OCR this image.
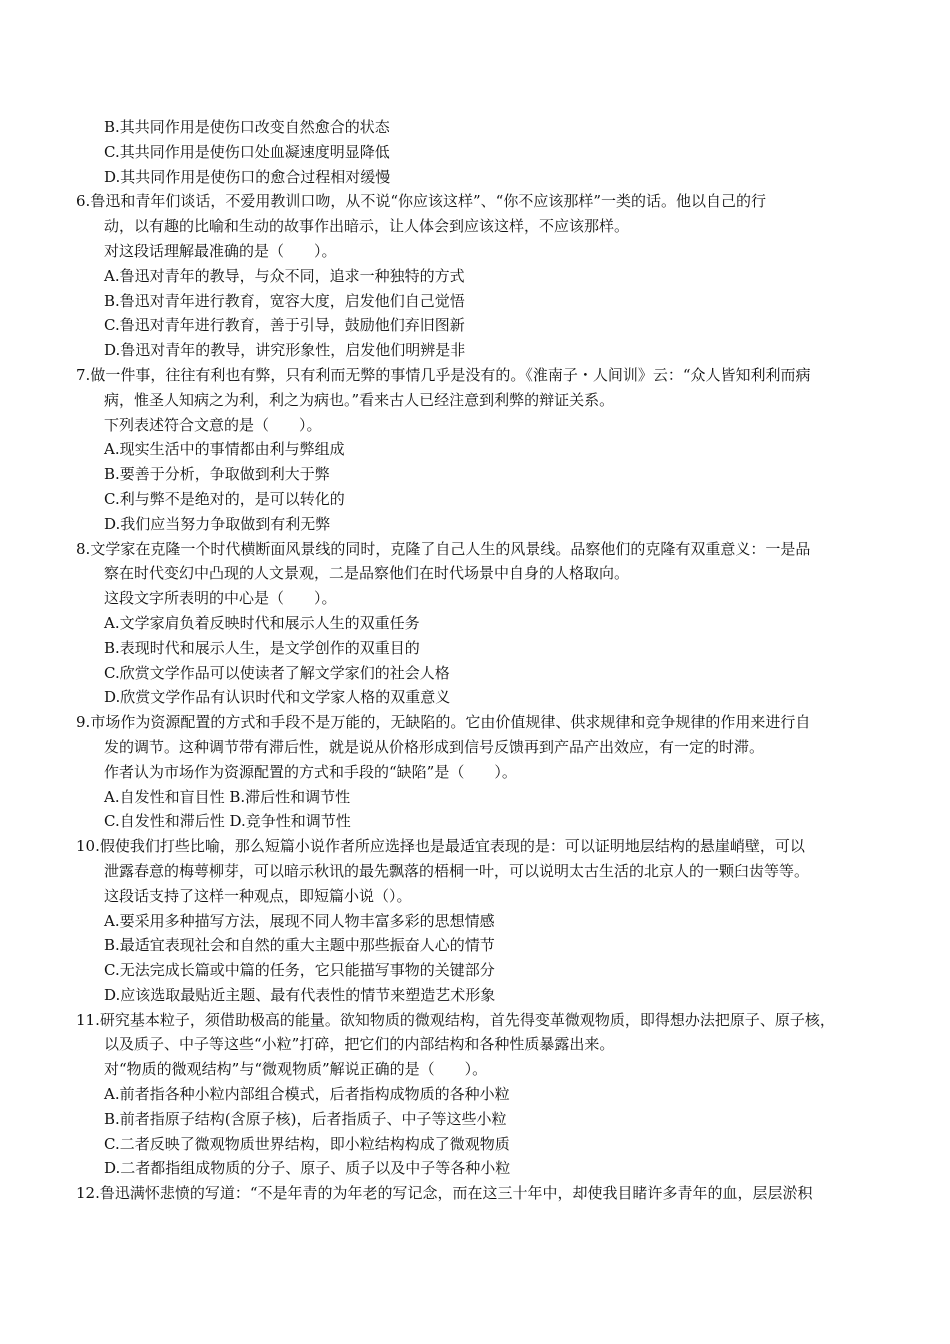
B.其共同作用是使伤口改变自然愈合的状态
C.其共同作用是使伤口处血凝速度明显降低
D.其共同作用是使伤口的愈合过程相对缓慢
6.鲁迅和青年们谈话，不爱用教训口吻，从不说“你应该这样”、“你不应该那样”一类的话。他以自己的行
动，以有趣的比喻和生动的故事作出暗示，让人体会到应该这样，不应该那样。
对这段话理解最准确的是（　　）。
A.鲁迅对青年的教导，与众不同，追求一种独特的方式
B.鲁迅对青年进行教育，宽容大度，启发他们自己觉悟
C.鲁迅对青年进行教育，善于引导，鼓励他们弃旧图新
D.鲁迅对青年的教导，讲究形象性，启发他们明辨是非
7.做一件事，往往有利也有弊，只有利而无弊的事情几乎是没有的。《淮南子・人间训》云：“众人皆知利利而病
病，惟圣人知病之为利，利之为病也。”看来古人已经注意到利弊的辩证关系。
下列表述符合文意的是（　　）。
A.现实生活中的事情都由利与弊组成
B.要善于分析，争取做到利大于弊
C.利与弊不是绝对的，是可以转化的
D.我们应当努力争取做到有利无弊
8.文学家在克隆一个时代横断面风景线的同时，克隆了自己人生的风景线。品察他们的克隆有双重意义：一是品
察在时代变幻中凸现的人文景观，二是品察他们在时代场景中自身的人格取向。
这段文字所表明的中心是（　　）。
A.文学家肩负着反映时代和展示人生的双重任务
B.表现时代和展示人生，是文学创作的双重目的
C.欣赏文学作品可以使读者了解文学家们的社会人格
D.欣赏文学作品有认识时代和文学家人格的双重意义
9.市场作为资源配置的方式和手段不是万能的，无缺陷的。它由价值规律、供求规律和竞争规律的作用来进行自
发的调节。这种调节带有滞后性，就是说从价格形成到信号反馈再到产品产出效应，有一定的时滞。
作者认为市场作为资源配置的方式和手段的“缺陷”是（　　）。
A.自发性和盲目性 B.滞后性和调节性
C.自发性和滞后性 D.竞争性和调节性
10.假使我们打些比喻，那么短篇小说作者所应选择也是最适宜表现的是：可以证明地层结构的悬崖峭壁，可以
泄露春意的梅萼柳芽，可以暗示秋讯的最先飘落的梧桐一叶，可以说明太古生活的北京人的一颗臼齿等等。
这段话支持了这样一种观点，即短篇小说（）。
A.要采用多种描写方法，展现不同人物丰富多彩的思想情感
B.最适宜表现社会和自然的重大主题中那些振奋人心的情节
C.无法完成长篇或中篇的任务，它只能描写事物的关键部分
D.应该选取最贴近主题、最有代表性的情节来塑造艺术形象
11.研究基本粒子，须借助极高的能量。欲知物质的微观结构，首先得变革微观物质，即得想办法把原子、原子核，
以及质子、中子等这些“小粒”打碎，把它们的内部结构和各种性质暴露出来。
对“物质的微观结构”与“微观物质”解说正确的是（　　）。
A.前者指各种小粒内部组合模式，后者指构成物质的各种小粒
B.前者指原子结构(含原子核)，后者指质子、中子等这些小粒
C.二者反映了微观物质世界结构，即小粒结构构成了微观物质
D.二者都指组成物质的分子、原子、质子以及中子等各种小粒
12.鲁迅满怀悲愤的写道：“不是年青的为年老的写记念，而在这三十年中，却使我目睹许多青年的血，层层淤积
